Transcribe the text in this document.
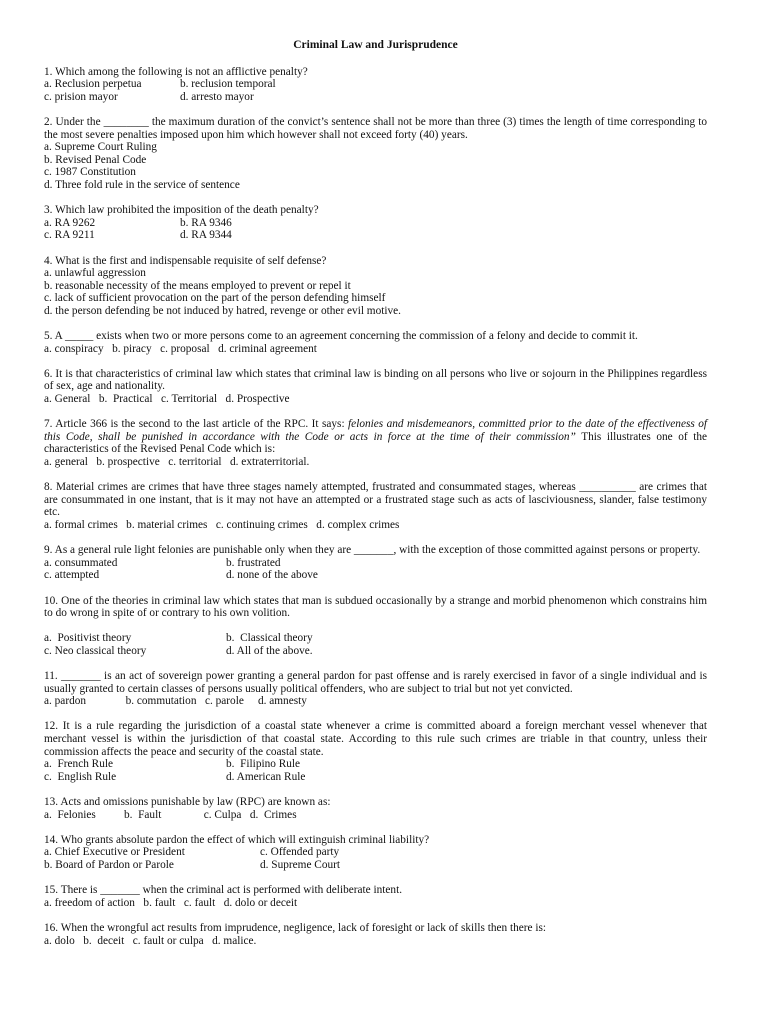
Criminal Law and Jurisprudence
1. Which among the following is not an afflictive penalty?
a. Reclusion perpetua	b. reclusion temporal
c. prision mayor	d. arresto mayor
2. Under the ________ the maximum duration of the convict’s sentence shall not be more than three (3) times the length of time corresponding to the most severe penalties imposed upon him which however shall not exceed forty (40) years.
a. Supreme Court Ruling
b. Revised Penal Code
c. 1987 Constitution
d. Three fold rule in the service of sentence
3. Which law prohibited the imposition of the death penalty?
a. RA 9262	b. RA 9346
c. RA 9211	d. RA 9344
4. What is the first and indispensable requisite of self defense?
a. unlawful aggression
b. reasonable necessity of the means employed to prevent or repel it
c. lack of sufficient provocation on the part of the person defending himself
d. the person defending be not induced by hatred, revenge or other evil motive.
5. A _____ exists when two or more persons come to an agreement concerning the commission of a felony and decide to commit it.
a. conspiracy   b. piracy   c. proposal   d. criminal agreement
6. It is that characteristics of criminal law which states that criminal law is binding on all persons who live or sojourn in the Philippines regardless of sex, age and nationality.
a. General   b.  Practical   c. Territorial   d. Prospective
7. Article 366 is the second to the last article of the RPC. It says: felonies and misdemeanors, committed prior to the date of the effectiveness of this Code, shall be punished in accordance with the Code or acts in force at the time of their commission” This illustrates one of the characteristics of the Revised Penal Code which is:
a. general   b. prospective   c. territorial   d. extraterritorial.
8. Material crimes are crimes that have three stages namely attempted, frustrated and consummated stages, whereas __________ are crimes that are consummated in one instant, that is it may not have an attempted or a frustrated stage such as acts of lasciviousness, slander, false testimony etc.
a. formal crimes   b. material crimes   c. continuing crimes   d. complex crimes
9. As a general rule light felonies are punishable only when they are _______, with the exception of those committed against persons or property.
a. consummated	b. frustrated
c. attempted	d. none of the above
10. One of the theories in criminal law which states that man is subdued occasionally by a strange and morbid phenomenon which constrains him to do wrong in spite of or contrary to his own volition.
a.  Positivist theory	b.  Classical theory
c. Neo classical theory	d. All of the above.
11. _______ is an act of sovereign power granting a general pardon for past offense and is rarely exercised in favor of a single individual and is usually granted to certain classes of persons usually political offenders, who are subject to trial but not yet convicted.
a. pardon              b. commutation   c. parole     d. amnesty
12. It is a rule regarding the jurisdiction of a coastal state whenever a crime is committed aboard a foreign merchant vessel whenever that merchant vessel is within the jurisdiction of that coastal state. According to this rule such crimes are triable in that country, unless their commission affects the peace and security of the coastal state.
a.  French Rule	b.  Filipino Rule
c.  English Rule	d. American Rule
13. Acts and omissions punishable by law (RPC) are known as:
a.  Felonies          b.  Fault               c. Culpa   d.  Crimes
14. Who grants absolute pardon the effect of which will extinguish criminal liability?
a. Chief Executive or President	c. Offended party
b. Board of Pardon or Parole	d. Supreme Court
15. There is _______ when the criminal act is performed with deliberate intent.
a. freedom of action   b. fault   c. fault   d. dolo or deceit
16. When the wrongful act results from imprudence, negligence, lack of foresight or lack of skills then there is:
a. dolo   b.  deceit   c. fault or culpa   d. malice.
